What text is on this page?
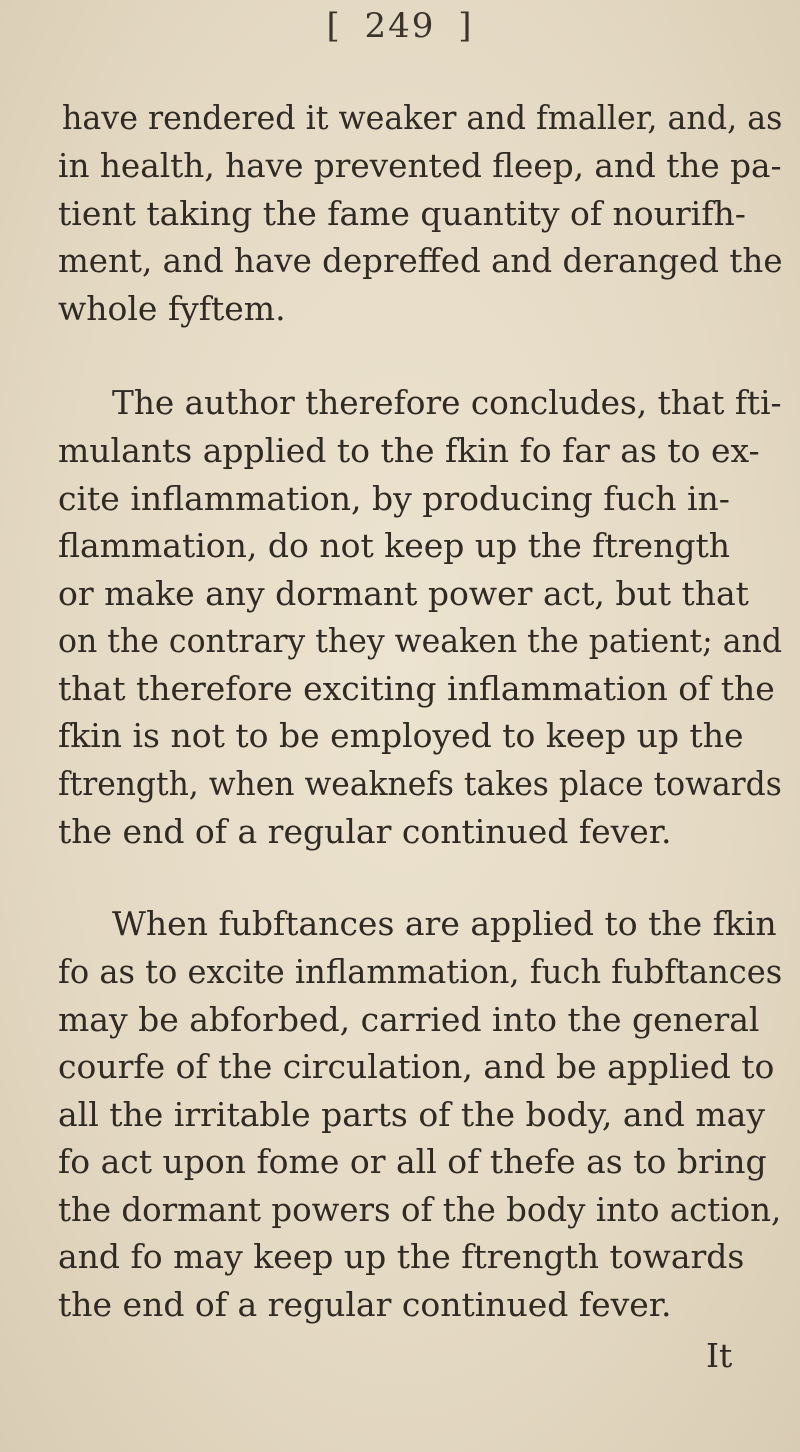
[ 249 ]
have rendered it weaker and fmaller, and, as
in health, have prevented fleep, and the pa-
tient taking the fame quantity of nourifh-
ment, and have depreffed and deranged the
whole fyftem.
The author therefore concludes, that fti-
mulants applied to the fkin fo far as to ex-
cite inflammation, by producing fuch in-
flammation, do not keep up the ftrength
or make any dormant power act, but that
on the contrary they weaken the patient; and
that therefore exciting inflammation of the
fkin is not to be employed to keep up the
ftrength, when weaknefs takes place towards
the end of a regular continued fever.
When fubftances are applied to the fkin
fo as to excite inflammation, fuch fubftances
may be abforbed, carried into the general
courfe of the circulation, and be applied to
all the irritable parts of the body, and may
fo act upon fome or all of thefe as to bring
the dormant powers of the body into action,
and fo may keep up the ftrength towards
the end of a regular continued fever.
It
